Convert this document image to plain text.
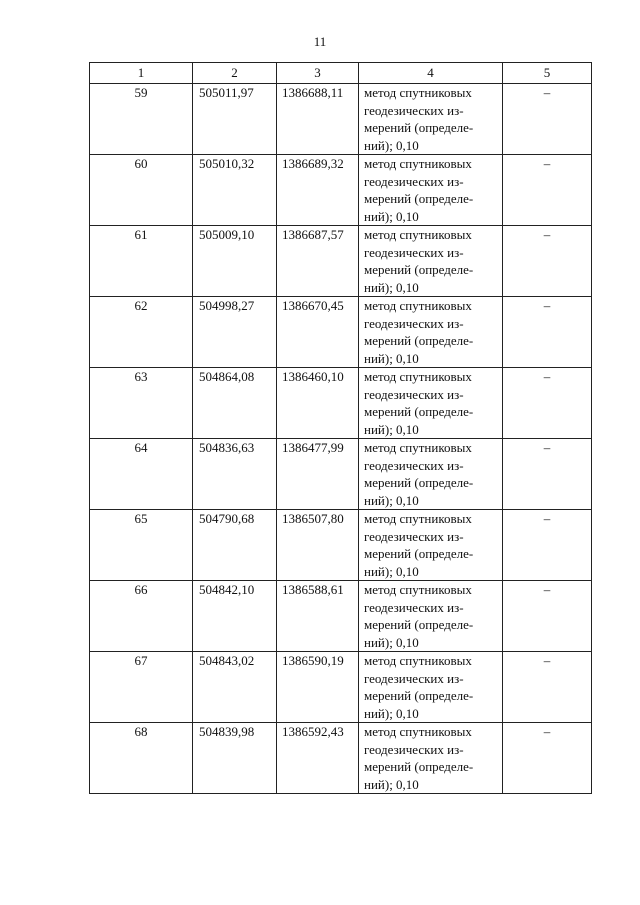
11
1	2	3	4	5
59	505011,97	1386688,11	метод спутниковых
геодезических из-
мерений (определе-
ний); 0,10	–
60	505010,32	1386689,32	метод спутниковых
геодезических из-
мерений (определе-
ний); 0,10	–
61	505009,10	1386687,57	метод спутниковых
геодезических из-
мерений (определе-
ний); 0,10	–
62	504998,27	1386670,45	метод спутниковых
геодезических из-
мерений (определе-
ний); 0,10	–
63	504864,08	1386460,10	метод спутниковых
геодезических из-
мерений (определе-
ний); 0,10	–
64	504836,63	1386477,99	метод спутниковых
геодезических из-
мерений (определе-
ний); 0,10	–
65	504790,68	1386507,80	метод спутниковых
геодезических из-
мерений (определе-
ний); 0,10	–
66	504842,10	1386588,61	метод спутниковых
геодезических из-
мерений (определе-
ний); 0,10	–
67	504843,02	1386590,19	метод спутниковых
геодезических из-
мерений (определе-
ний); 0,10	–
68	504839,98	1386592,43	метод спутниковых
геодезических из-
мерений (определе-
ний); 0,10	–
